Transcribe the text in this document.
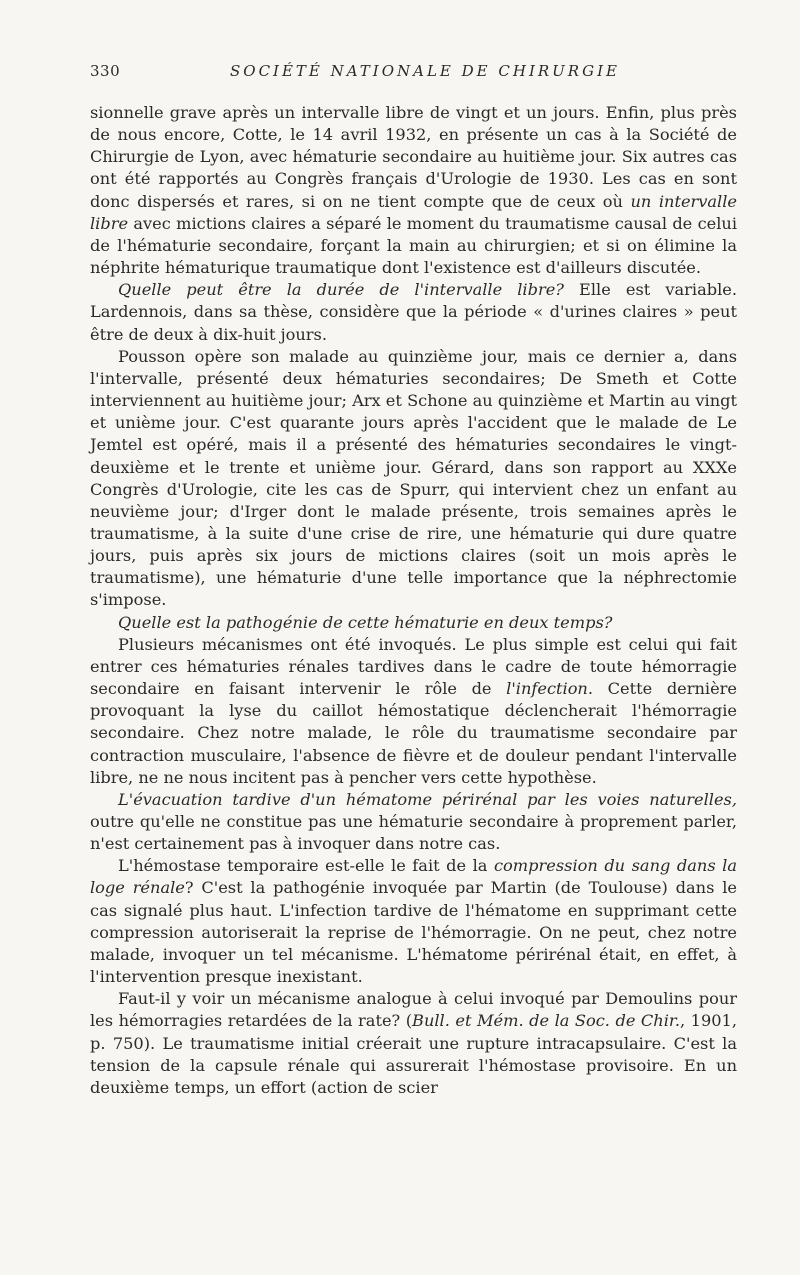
330	SOCIÉTÉ NATIONALE DE CHIRURGIE

sionnelle grave après un intervalle libre de vingt et un jours. Enfin, plus près de nous encore, Cotte, le 14 avril 1932, en présente un cas à la Société de Chirurgie de Lyon, avec hématurie secondaire au huitième jour. Six autres cas ont été rapportés au Congrès français d'Urologie de 1930. Les cas en sont donc dispersés et rares, si on ne tient compte que de ceux où un intervalle libre avec mictions claires a séparé le moment du traumatisme causal de celui de l'hématurie secondaire, forçant la main au chirurgien; et si on élimine la néphrite hématurique traumatique dont l'existence est d'ailleurs discutée.

Quelle peut être la durée de l'intervalle libre? Elle est variable. Lardennois, dans sa thèse, considère que la période « d'urines claires » peut être de deux à dix-huit jours.

Pousson opère son malade au quinzième jour, mais ce dernier a, dans l'intervalle, présenté deux hématuries secondaires; De Smeth et Cotte interviennent au huitième jour; Arx et Schone au quinzième et Martin au vingt et unième jour. C'est quarante jours après l'accident que le malade de Le Jemtel est opéré, mais il a présenté des hématuries secondaires le vingt-deuxième et le trente et unième jour. Gérard, dans son rapport au XXXe Congrès d'Urologie, cite les cas de Spurr, qui intervient chez un enfant au neuvième jour; d'Irger dont le malade présente, trois semaines après le traumatisme, à la suite d'une crise de rire, une hématurie qui dure quatre jours, puis après six jours de mictions claires (soit un mois après le traumatisme), une hématurie d'une telle importance que la néphrectomie s'impose.

Quelle est la pathogénie de cette hématurie en deux temps?

Plusieurs mécanismes ont été invoqués. Le plus simple est celui qui fait entrer ces hématuries rénales tardives dans le cadre de toute hémorragie secondaire en faisant intervenir le rôle de l'infection. Cette dernière provoquant la lyse du caillot hémostatique déclencherait l'hémorragie secondaire. Chez notre malade, le rôle du traumatisme secondaire par contraction musculaire, l'absence de fièvre et de douleur pendant l'intervalle libre, ne ne nous incitent pas à pencher vers cette hypothèse.

L'évacuation tardive d'un hématome périrénal par les voies naturelles, outre qu'elle ne constitue pas une hématurie secondaire à proprement parler, n'est certainement pas à invoquer dans notre cas.

L'hémostase temporaire est-elle le fait de la compression du sang dans la loge rénale? C'est la pathogénie invoquée par Martin (de Toulouse) dans le cas signalé plus haut. L'infection tardive de l'hématome en supprimant cette compression autoriserait la reprise de l'hémorragie. On ne peut, chez notre malade, invoquer un tel mécanisme. L'hématome périrénal était, en effet, à l'intervention presque inexistant.

Faut-il y voir un mécanisme analogue à celui invoqué par Demoulins pour les hémorragies retardées de la rate? (Bull. et Mém. de la Soc. de Chir., 1901, p. 750). Le traumatisme initial créerait une rupture intracapsulaire. C'est la tension de la capsule rénale qui assurerait l'hémostase provisoire. En un deuxième temps, un effort (action de scier
